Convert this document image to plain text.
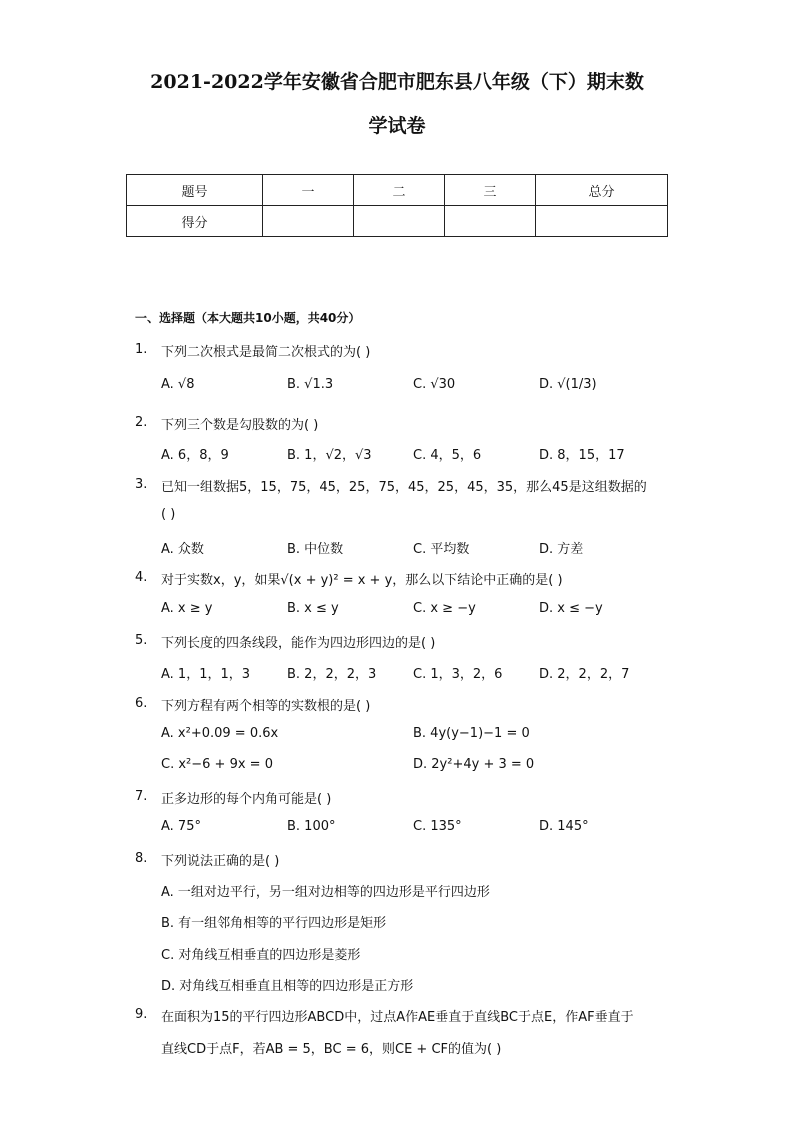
2021-2022学年安徽省合肥市肥东县八年级（下）期末数
学试卷
题号	一	二	三	总分
得分				
一、选择题（本大题共10小题，共40分）
1. 下列二次根式是最简二次根式的为( )
A. √8	B. √1.3	C. √30	D. √(1/3)
2. 下列三个数是勾股数的为( )
A. 6，8，9	B. 1，√2，√3	C. 4，5，6	D. 8，15，17
3. 已知一组数据5，15，75，45，25，75，45，25，45，35，那么45是这组数据的
( )
A. 众数	B. 中位数	C. 平均数	D. 方差
4. 对于实数x，y，如果√(x + y)² = x + y，那么以下结论中正确的是( )
A. x ≥ y	B. x ≤ y	C. x ≥ −y	D. x ≤ −y
5. 下列长度的四条线段，能作为四边形四边的是( )
A. 1，1，1，3	B. 2，2，2，3	C. 1，3，2，6	D. 2，2，2，7
6. 下列方程有两个相等的实数根的是( )
A. x²+0.09 = 0.6x	B. 4y(y−1)−1 = 0
C. x²−6 + 9x = 0	D. 2y²+4y + 3 = 0
7. 正多边形的每个内角可能是( )
A. 75°	B. 100°	C. 135°	D. 145°
8. 下列说法正确的是( )
A. 一组对边平行，另一组对边相等的四边形是平行四边形
B. 有一组邻角相等的平行四边形是矩形
C. 对角线互相垂直的四边形是菱形
D. 对角线互相垂直且相等的四边形是正方形
9. 在面积为15的平行四边形ABCD中，过点A作AE垂直于直线BC于点E，作AF垂直于
直线CD于点F，若AB = 5，BC = 6，则CE + CF的值为( )
